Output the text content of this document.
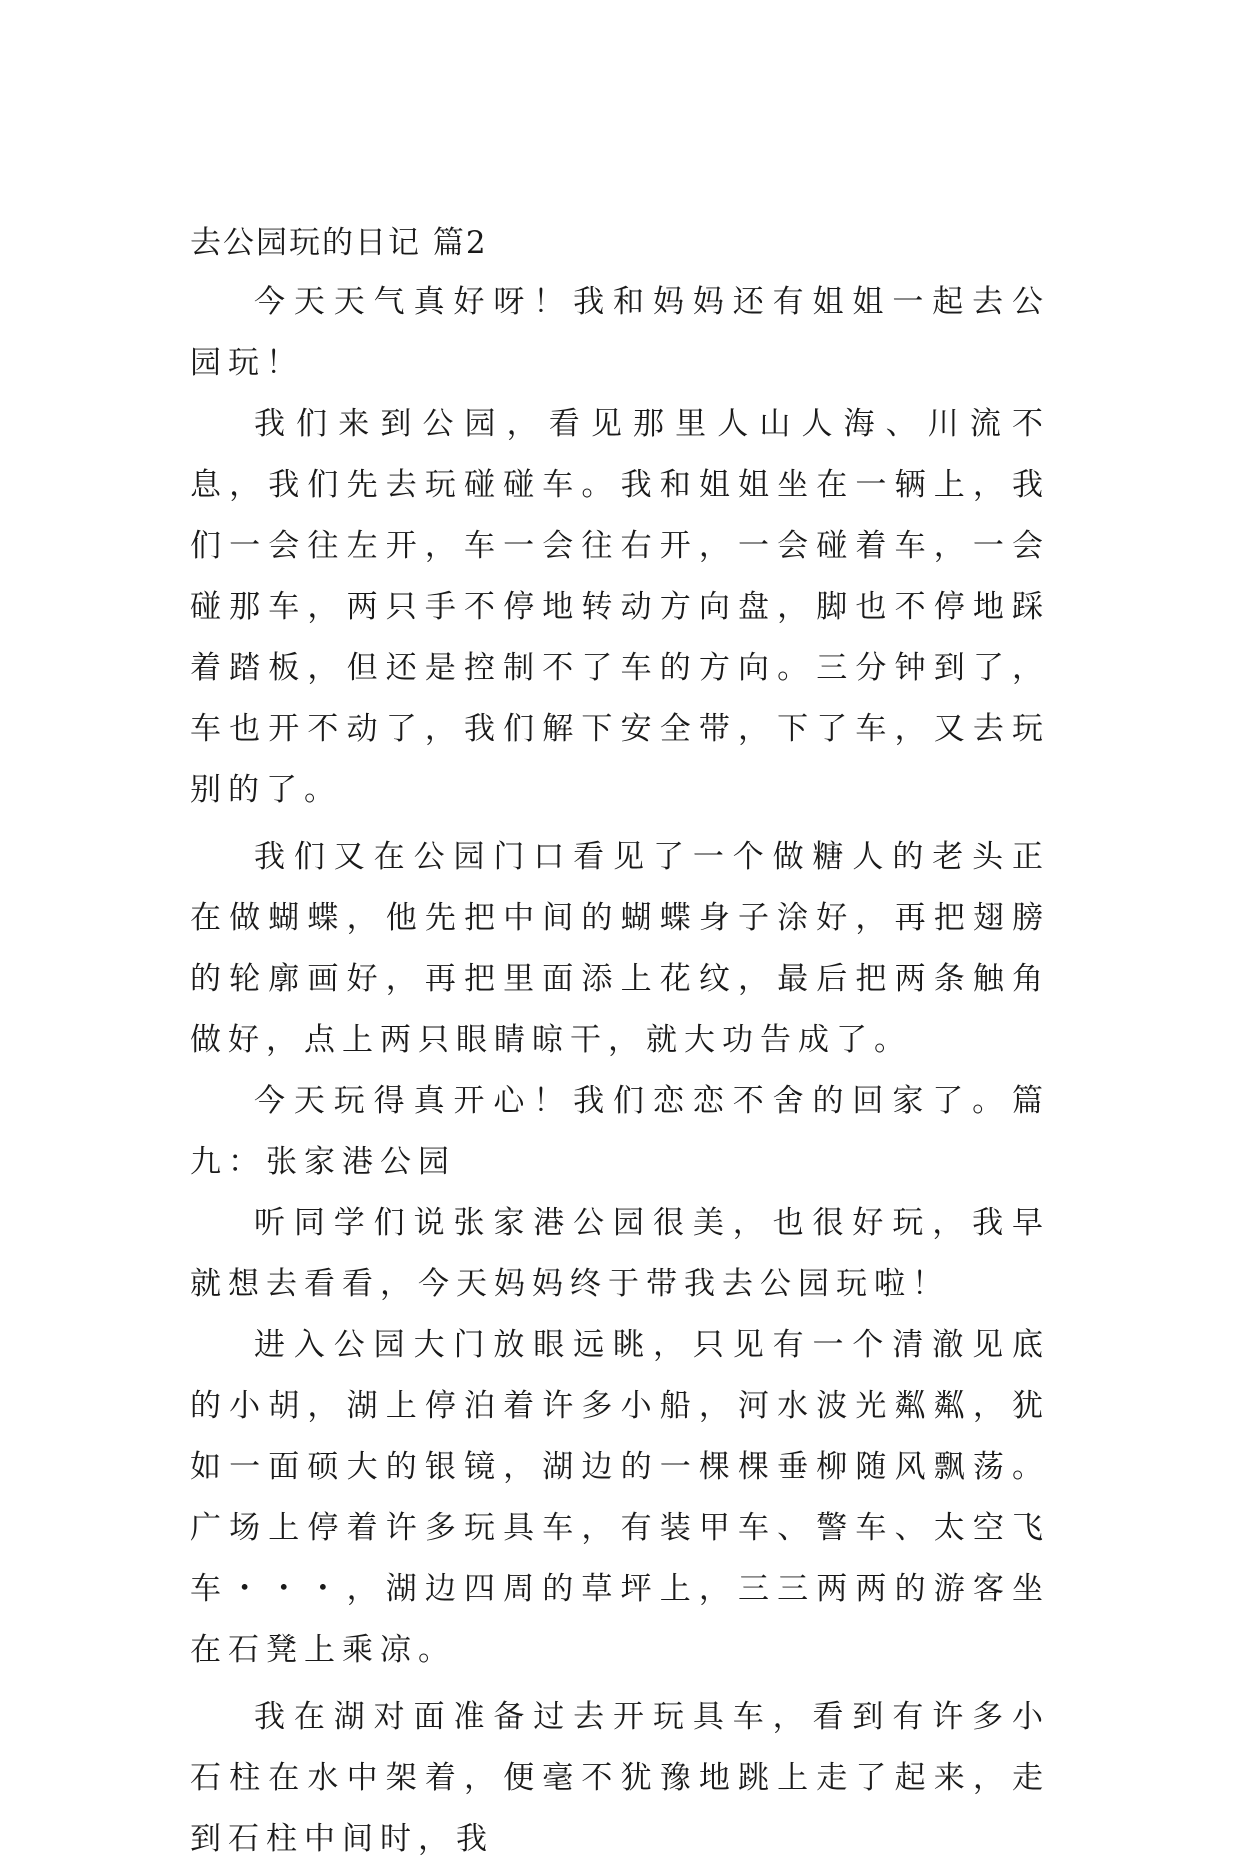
去公园玩的日记 篇2

今天天气真好呀！我和妈妈还有姐姐一起去公园玩！

我们来到公园，看见那里人山人海、川流不息，我们先去玩碰碰车。我和姐姐坐在一辆上，我们一会往左开，车一会往右开，一会碰着车，一会碰那车，两只手不停地转动方向盘，脚也不停地踩着踏板，但还是控制不了车的方向。三分钟到了，车也开不动了，我们解下安全带，下了车，又去玩别的了。

我们又在公园门口看见了一个做糖人的老头正在做蝴蝶，他先把中间的蝴蝶身子涂好，再把翅膀的轮廓画好，再把里面添上花纹，最后把两条触角做好，点上两只眼睛晾干，就大功告成了。

今天玩得真开心！我们恋恋不舍的回家了。篇九：张家港公园

听同学们说张家港公园很美，也很好玩，我早就想去看看，今天妈妈终于带我去公园玩啦！

进入公园大门放眼远眺，只见有一个清澈见底的小胡，湖上停泊着许多小船，河水波光粼粼，犹如一面硕大的银镜，湖边的一棵棵垂柳随风飘荡。广场上停着许多玩具车，有装甲车、警车、太空飞车・・・，湖边四周的草坪上，三三两两的游客坐在石凳上乘凉。

我在湖对面准备过去开玩具车，看到有许多小石柱在水中架着，便毫不犹豫地跳上走了起来，走到石柱中间时，我
